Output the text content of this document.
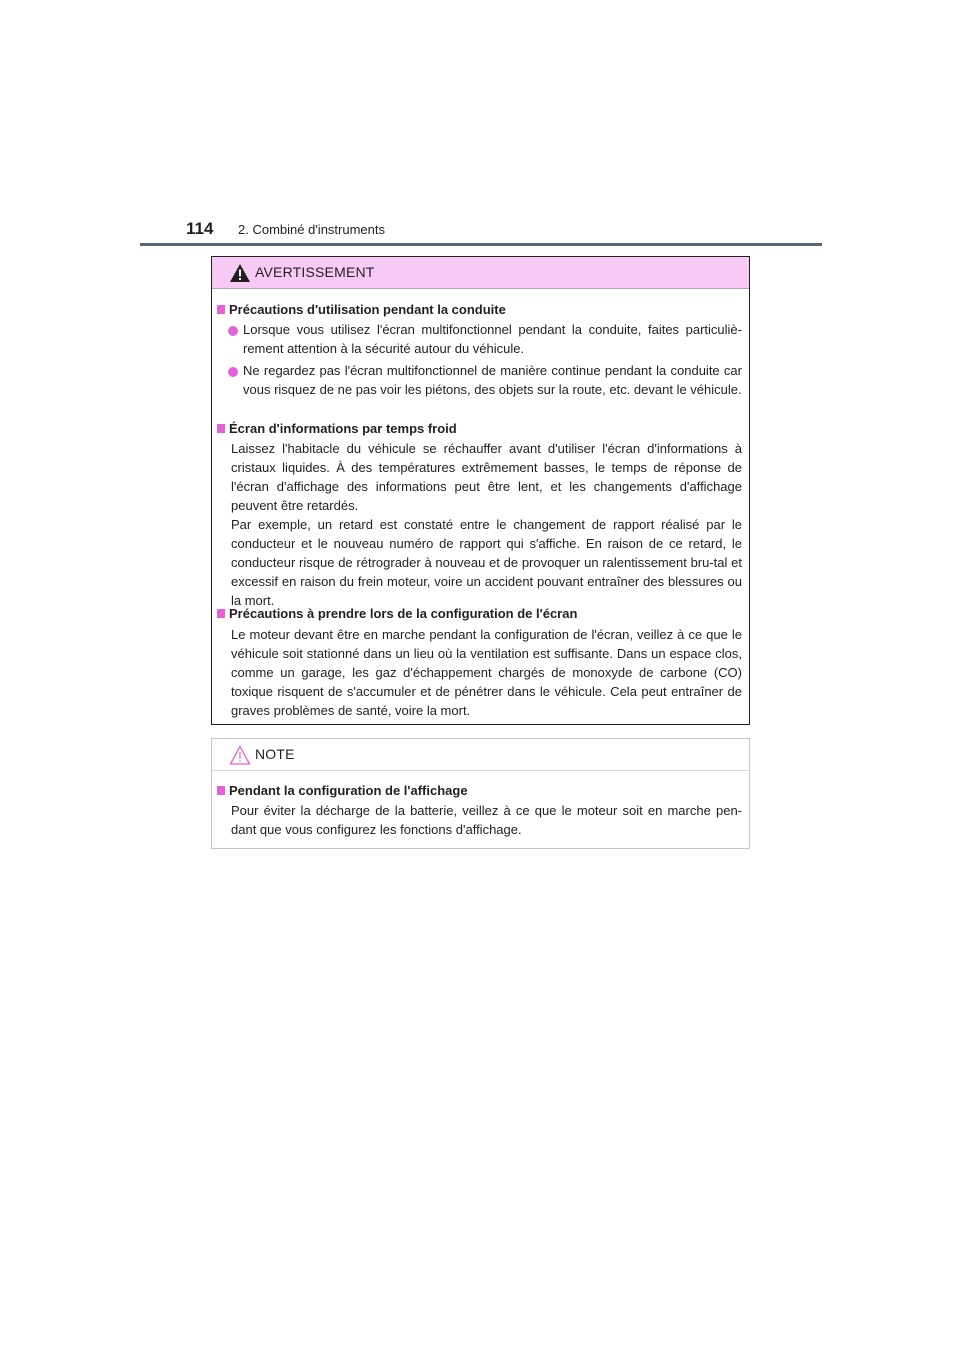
114 2. Combiné d'instruments
AVERTISSEMENT
Précautions d'utilisation pendant la conduite

Lorsque vous utilisez l'écran multifonctionnel pendant la conduite, faites particuliè-rement attention à la sécurité autour du véhicule.

Ne regardez pas l'écran multifonctionnel de manière continue pendant la conduite car vous risquez de ne pas voir les piétons, des objets sur la route, etc. devant le véhicule.

Écran d'informations par temps froid

Laissez l'habitacle du véhicule se réchauffer avant d'utiliser l'écran d'informations à cristaux liquides. À des températures extrêmement basses, le temps de réponse de l'écran d'affichage des informations peut être lent, et les changements d'affichage peuvent être retardés.

Par exemple, un retard est constaté entre le changement de rapport réalisé par le conducteur et le nouveau numéro de rapport qui s'affiche. En raison de ce retard, le conducteur risque de rétrograder à nouveau et de provoquer un ralentissement bru-tal et excessif en raison du frein moteur, voire un accident pouvant entraîner des blessures ou la mort.

Précautions à prendre lors de la configuration de l'écran

Le moteur devant être en marche pendant la configuration de l'écran, veillez à ce que le véhicule soit stationné dans un lieu où la ventilation est suffisante. Dans un espace clos, comme un garage, les gaz d'échappement chargés de monoxyde de carbone (CO) toxique risquent de s'accumuler et de pénétrer dans le véhicule. Cela peut entraîner de graves problèmes de santé, voire la mort.

NOTE
Pendant la configuration de l'affichage

Pour éviter la décharge de la batterie, veillez à ce que le moteur soit en marche pen-dant que vous configurez les fonctions d'affichage.
